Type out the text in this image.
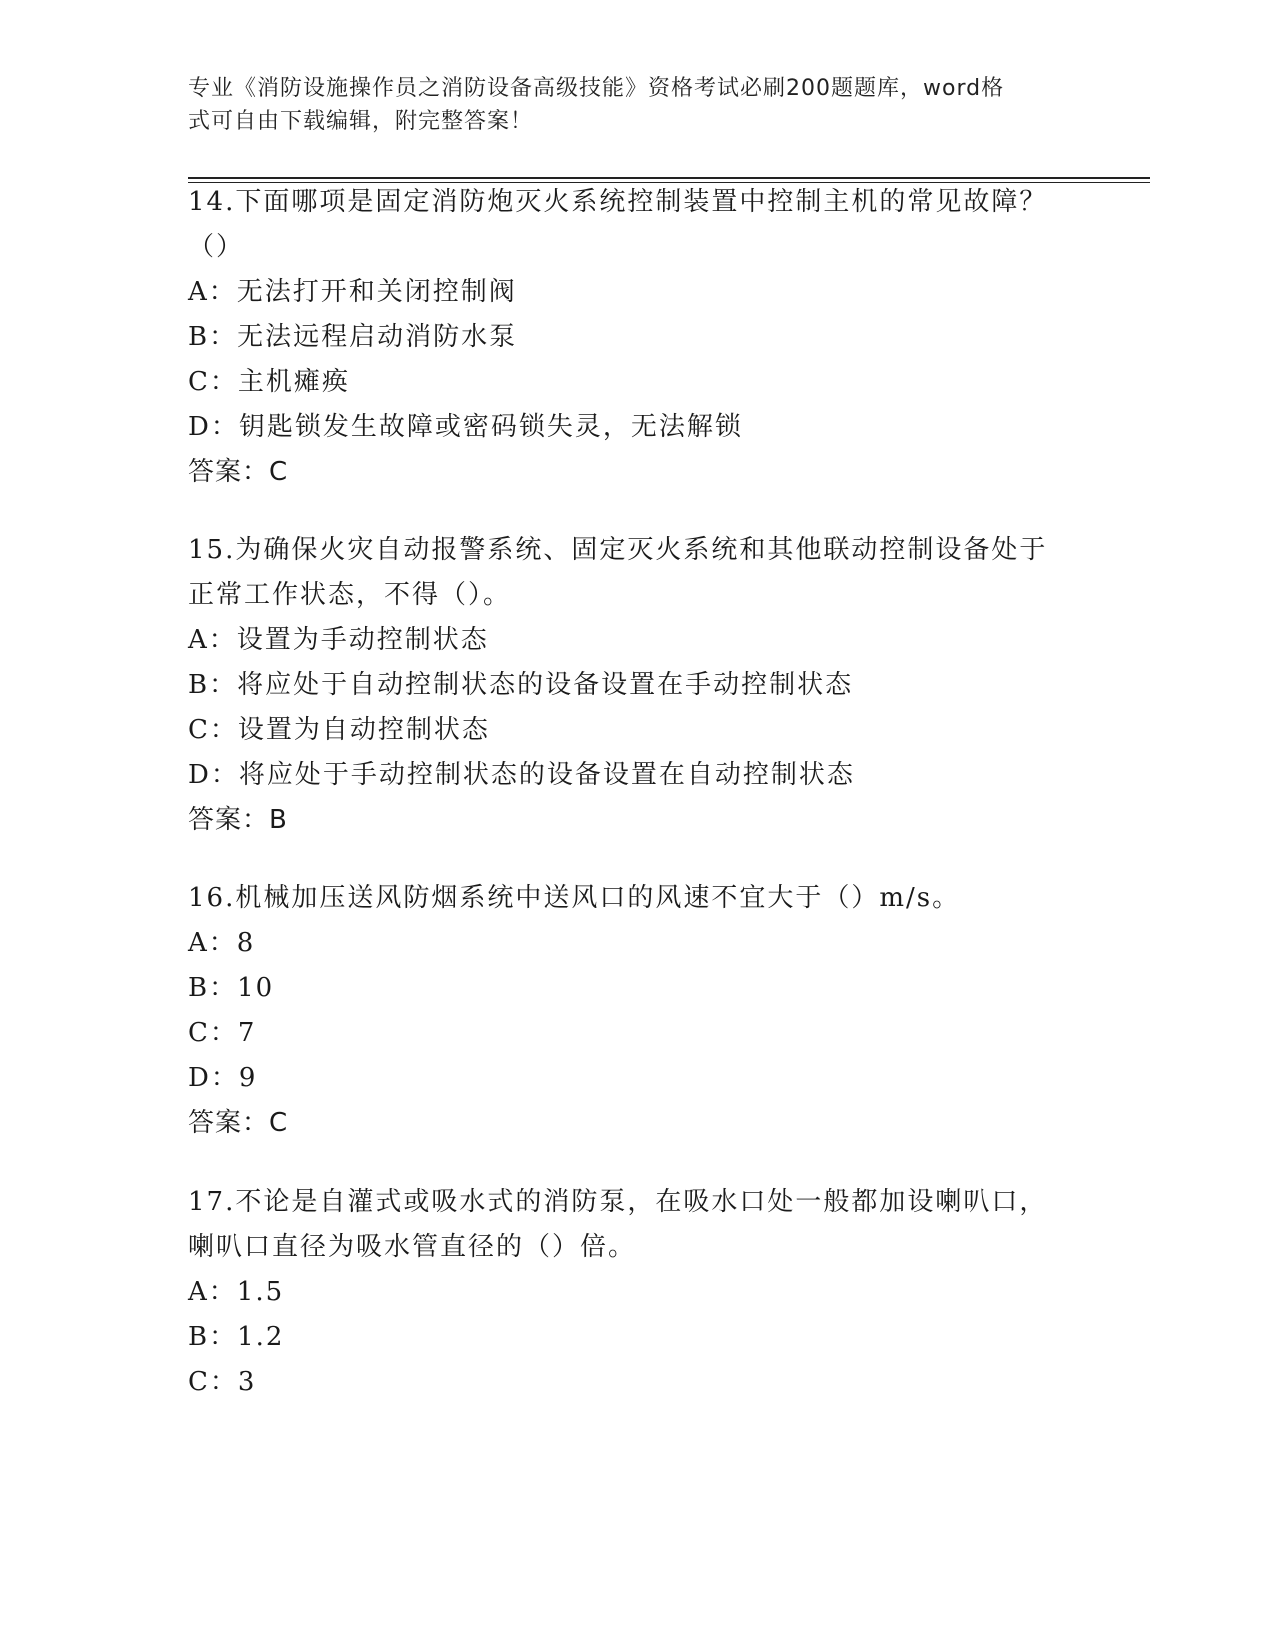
专业《消防设施操作员之消防设备高级技能》资格考试必刷200题题库，word格
式可自由下载编辑，附完整答案！

14.下面哪项是固定消防炮灭火系统控制装置中控制主机的常见故障？

（）

A：无法打开和关闭控制阀

B：无法远程启动消防水泵

C：主机瘫痪

D：钥匙锁发生故障或密码锁失灵，无法解锁

答案：C

15.为确保火灾自动报警系统、固定灭火系统和其他联动控制设备处于

正常工作状态，不得（）。

A：设置为手动控制状态

B：将应处于自动控制状态的设备设置在手动控制状态

C：设置为自动控制状态

D：将应处于手动控制状态的设备设置在自动控制状态

答案：B

16.机械加压送风防烟系统中送风口的风速不宜大于（）m/s。

A：8

B：10

C：7

D：9

答案：C

17.不论是自灌式或吸水式的消防泵，在吸水口处一般都加设喇叭口，

喇叭口直径为吸水管直径的（）倍。

A：1.5

B：1.2

C：3
